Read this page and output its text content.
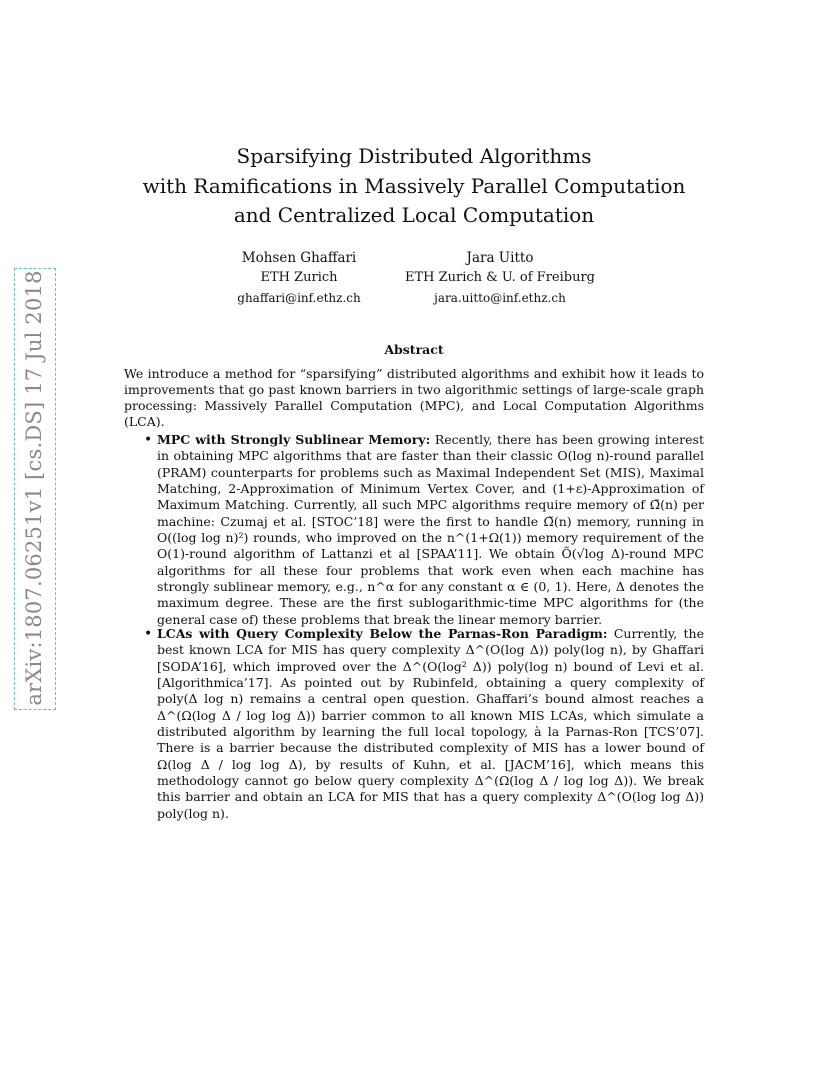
arXiv:1807.06251v1 [cs.DS] 17 Jul 2018
Sparsifying Distributed Algorithms
with Ramifications in Massively Parallel Computation
and Centralized Local Computation
Mohsen Ghaffari
ETH Zurich
ghaffari@inf.ethz.ch
Jara Uitto
ETH Zurich & U. of Freiburg
jara.uitto@inf.ethz.ch
Abstract
We introduce a method for “sparsifying” distributed algorithms and exhibit how it leads to improvements that go past known barriers in two algorithmic settings of large-scale graph processing: Massively Parallel Computation (MPC), and Local Computation Algorithms (LCA).
• MPC with Strongly Sublinear Memory: Recently, there has been growing interest in obtaining MPC algorithms that are faster than their classic O(log n)-round parallel (PRAM) counterparts for problems such as Maximal Independent Set (MIS), Maximal Matching, 2-Approximation of Minimum Vertex Cover, and (1+ε)-Approximation of Maximum Matching. Currently, all such MPC algorithms require memory of Ω̃(n) per machine: Czumaj et al. [STOC’18] were the first to handle Ω̃(n) memory, running in O((log log n)²) rounds, who improved on the n^(1+Ω(1)) memory requirement of the O(1)-round algorithm of Lattanzi et al [SPAA’11]. We obtain Õ(√log Δ)-round MPC algorithms for all these four problems that work even when each machine has strongly sublinear memory, e.g., n^α for any constant α ∈ (0, 1). Here, Δ denotes the maximum degree. These are the first sublogarithmic-time MPC algorithms for (the general case of) these problems that break the linear memory barrier.
• LCAs with Query Complexity Below the Parnas-Ron Paradigm: Currently, the best known LCA for MIS has query complexity Δ^(O(log Δ)) poly(log n), by Ghaffari [SODA’16], which improved over the Δ^(O(log² Δ)) poly(log n) bound of Levi et al. [Algorithmica’17]. As pointed out by Rubinfeld, obtaining a query complexity of poly(Δ log n) remains a central open question. Ghaffari’s bound almost reaches a Δ^(Ω(log Δ / log log Δ)) barrier common to all known MIS LCAs, which simulate a distributed algorithm by learning the full local topology, à la Parnas-Ron [TCS’07]. There is a barrier because the distributed complexity of MIS has a lower bound of Ω(log Δ / log log Δ), by results of Kuhn, et al. [JACM’16], which means this methodology cannot go below query complexity Δ^(Ω(log Δ / log log Δ)). We break this barrier and obtain an LCA for MIS that has a query complexity Δ^(O(log log Δ)) poly(log n).
